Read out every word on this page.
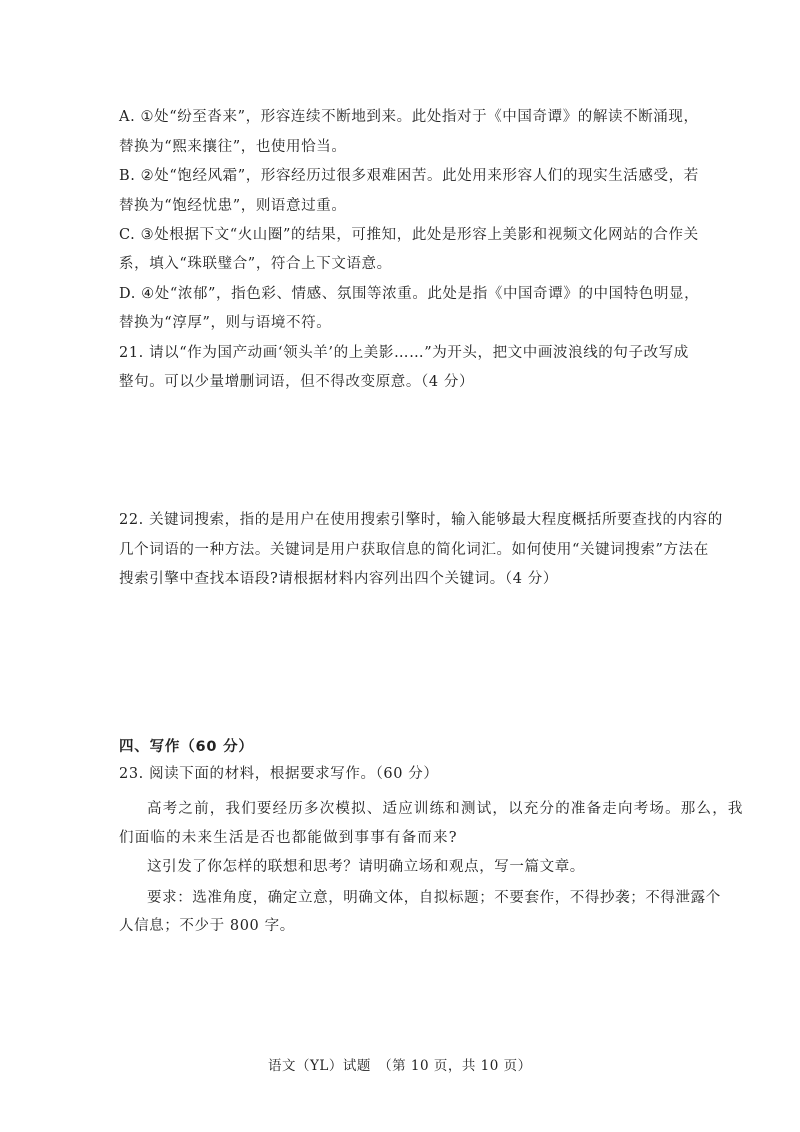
A. ①处“纷至沓来”，形容连续不断地到来。此处指对于《中国奇谭》的解读不断涌现，
替换为“熙来攘往”，也使用恰当。
B. ②处“饱经风霜”，形容经历过很多艰难困苦。此处用来形容人们的现实生活感受，若
替换为“饱经忧患”，则语意过重。
C. ③处根据下文“火山圈”的结果，可推知，此处是形容上美影和视频文化网站的合作关
系，填入“珠联璧合”，符合上下文语意。
D. ④处“浓郁”，指色彩、情感、氛围等浓重。此处是指《中国奇谭》的中国特色明显，
替换为“淳厚”，则与语境不符。
21. 请以“作为国产动画‘领头羊’的上美影……”为开头，把文中画波浪线的句子改写成
整句。可以少量增删词语，但不得改变原意。（4 分）
22. 关键词搜索，指的是用户在使用搜索引擎时，输入能够最大程度概括所要查找的内容的
几个词语的一种方法。关键词是用户获取信息的简化词汇。如何使用“关键词搜索”方法在
搜索引擎中查找本语段?请根据材料内容列出四个关键词。（4 分）
四、写作（60 分）
23. 阅读下面的材料，根据要求写作。（60 分）
高考之前，我们要经历多次模拟、适应训练和测试，以充分的准备走向考场。那么，我
们面临的未来生活是否也都能做到事事有备而来?
这引发了你怎样的联想和思考？请明确立场和观点，写一篇文章。
要求：选准角度，确定立意，明确文体，自拟标题；不要套作，不得抄袭；不得泄露个
人信息；不少于 800 字。
语文（YL）试题　（第 10 页，共 10 页）
